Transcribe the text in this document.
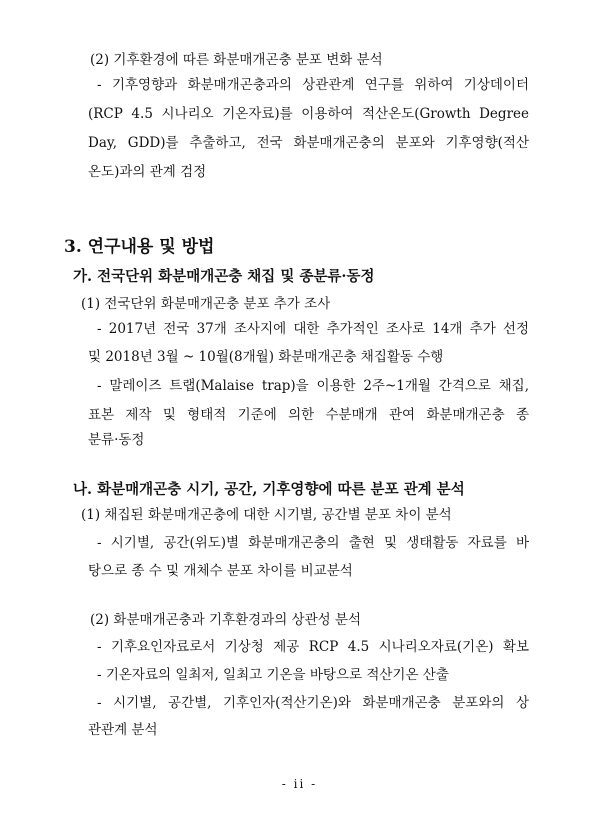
(2) 기후환경에 따른 화분매개곤충 분포 변화 분석
- 기후영향과 화분매개곤충과의 상관관계 연구를 위하여 기상데이터
(RCP 4.5 시나리오 기온자료)를 이용하여 적산온도(Growth Degree
Day, GDD)를 추출하고, 전국 화분매개곤충의 분포와 기후영향(적산
온도)과의 관계 검정
3. 연구내용 및 방법
가. 전국단위 화분매개곤충 채집 및 종분류·동정
(1) 전국단위 화분매개곤충 분포 추가 조사
- 2017년 전국 37개 조사지에 대한 추가적인 조사로 14개 추가 선정
및 2018년 3월 ~ 10월(8개월) 화분매개곤충 채집활동 수행
- 말레이즈 트랩(Malaise trap)을 이용한 2주~1개월 간격으로 채집,
표본 제작 및 형태적 기준에 의한 수분매개 관여 화분매개곤충 종
분류·동정
나. 화분매개곤충 시기, 공간, 기후영향에 따른 분포 관계 분석
(1) 채집된 화분매개곤충에 대한 시기별, 공간별 분포 차이 분석
- 시기별, 공간(위도)별 화분매개곤충의 출현 및 생태활동 자료를 바
탕으로 종 수 및 개체수 분포 차이를 비교분석
(2) 화분매개곤충과 기후환경과의 상관성 분석
- 기후요인자료로서 기상청 제공 RCP 4.5 시나리오자료(기온) 확보
- 기온자료의 일최저, 일최고 기온을 바탕으로 적산기온 산출
- 시기별, 공간별, 기후인자(적산기온)와 화분매개곤충 분포와의 상
관관계 분석
- ii -
